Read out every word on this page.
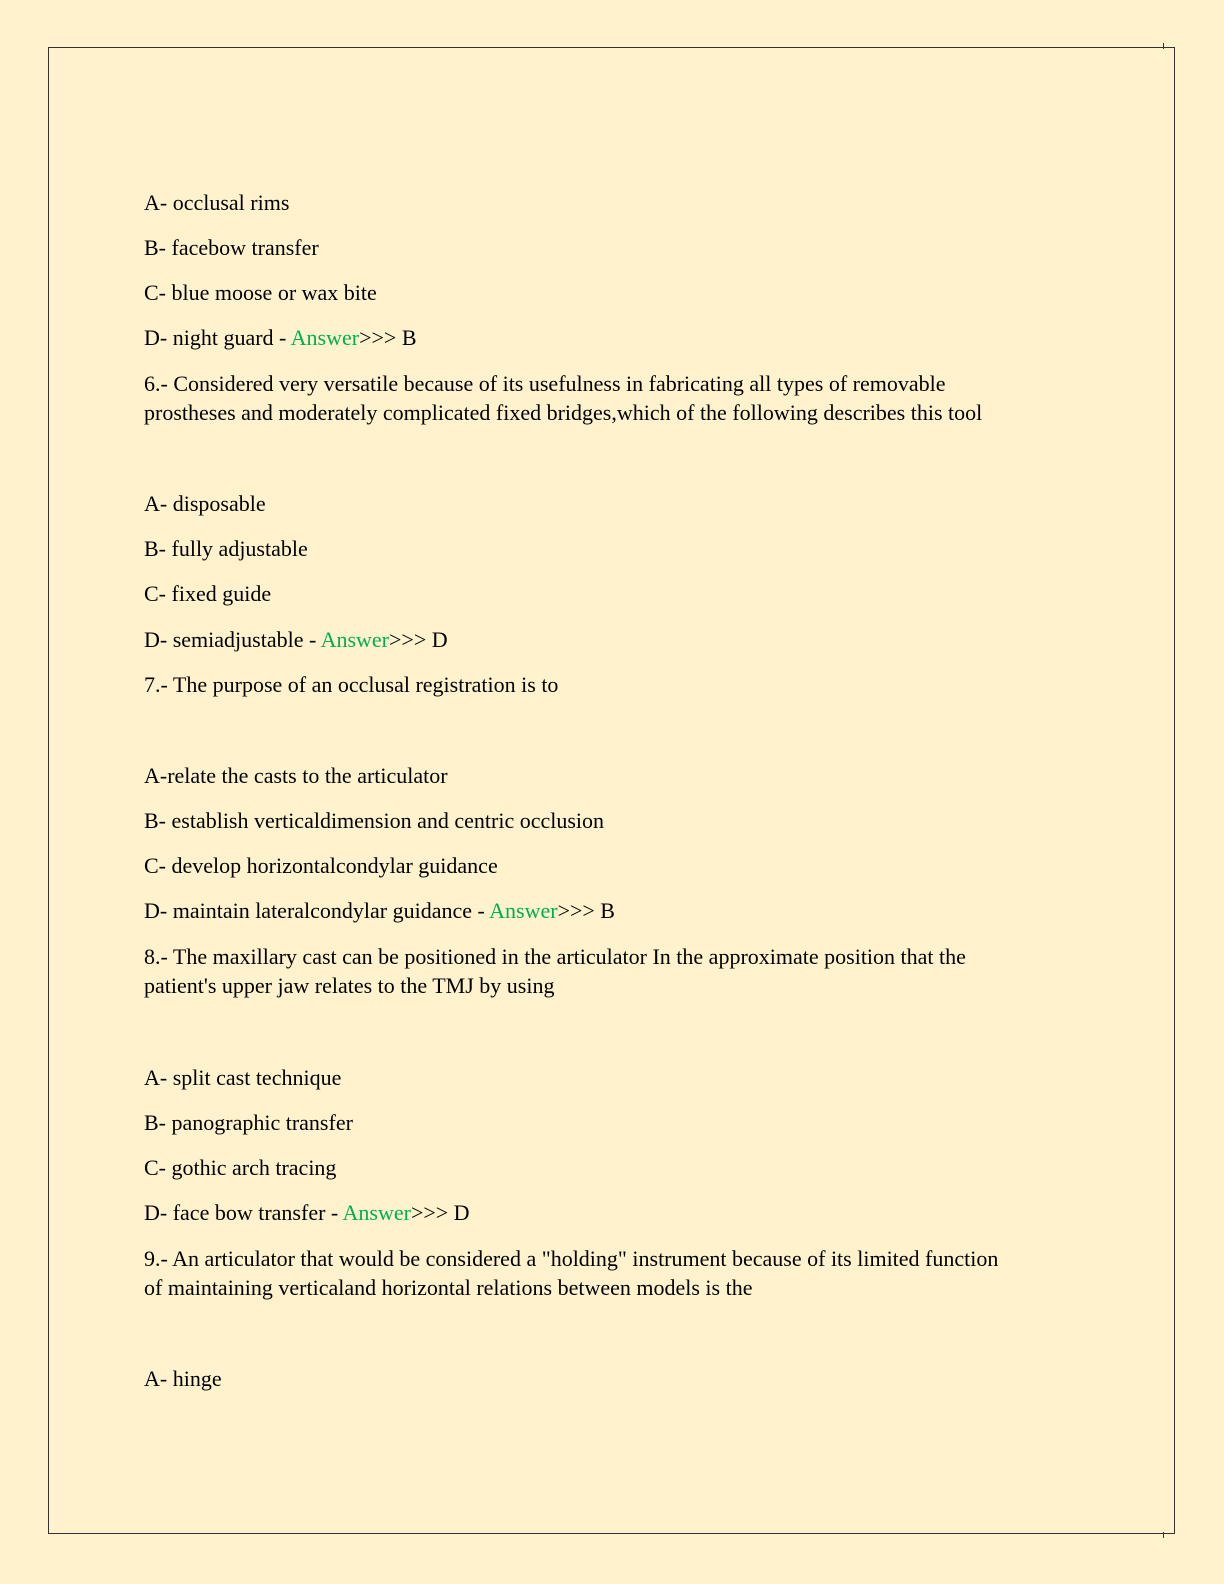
A- occlusal rims
B- facebow transfer
C- blue moose or wax bite
D- night guard - Answer>>> B
6.- Considered very versatile because of its usefulness in fabricating all types of removable
prostheses and moderately complicated fixed bridges,which of the following describes this tool
A- disposable
B- fully adjustable
C- fixed guide
D- semiadjustable - Answer>>> D
7.- The purpose of an occlusal registration is to
A-relate the casts to the articulator
B- establish verticaldimension and centric occlusion
C- develop horizontalcondylar guidance
D- maintain lateralcondylar guidance - Answer>>> B
8.- The maxillary cast can be positioned in the articulator In the approximate position that the
patient's upper jaw relates to the TMJ by using
A- split cast technique
B- panographic transfer
C- gothic arch tracing
D- face bow transfer - Answer>>> D
9.- An articulator that would be considered a "holding" instrument because of its limited function
of maintaining verticaland horizontal relations between models is the
A- hinge
